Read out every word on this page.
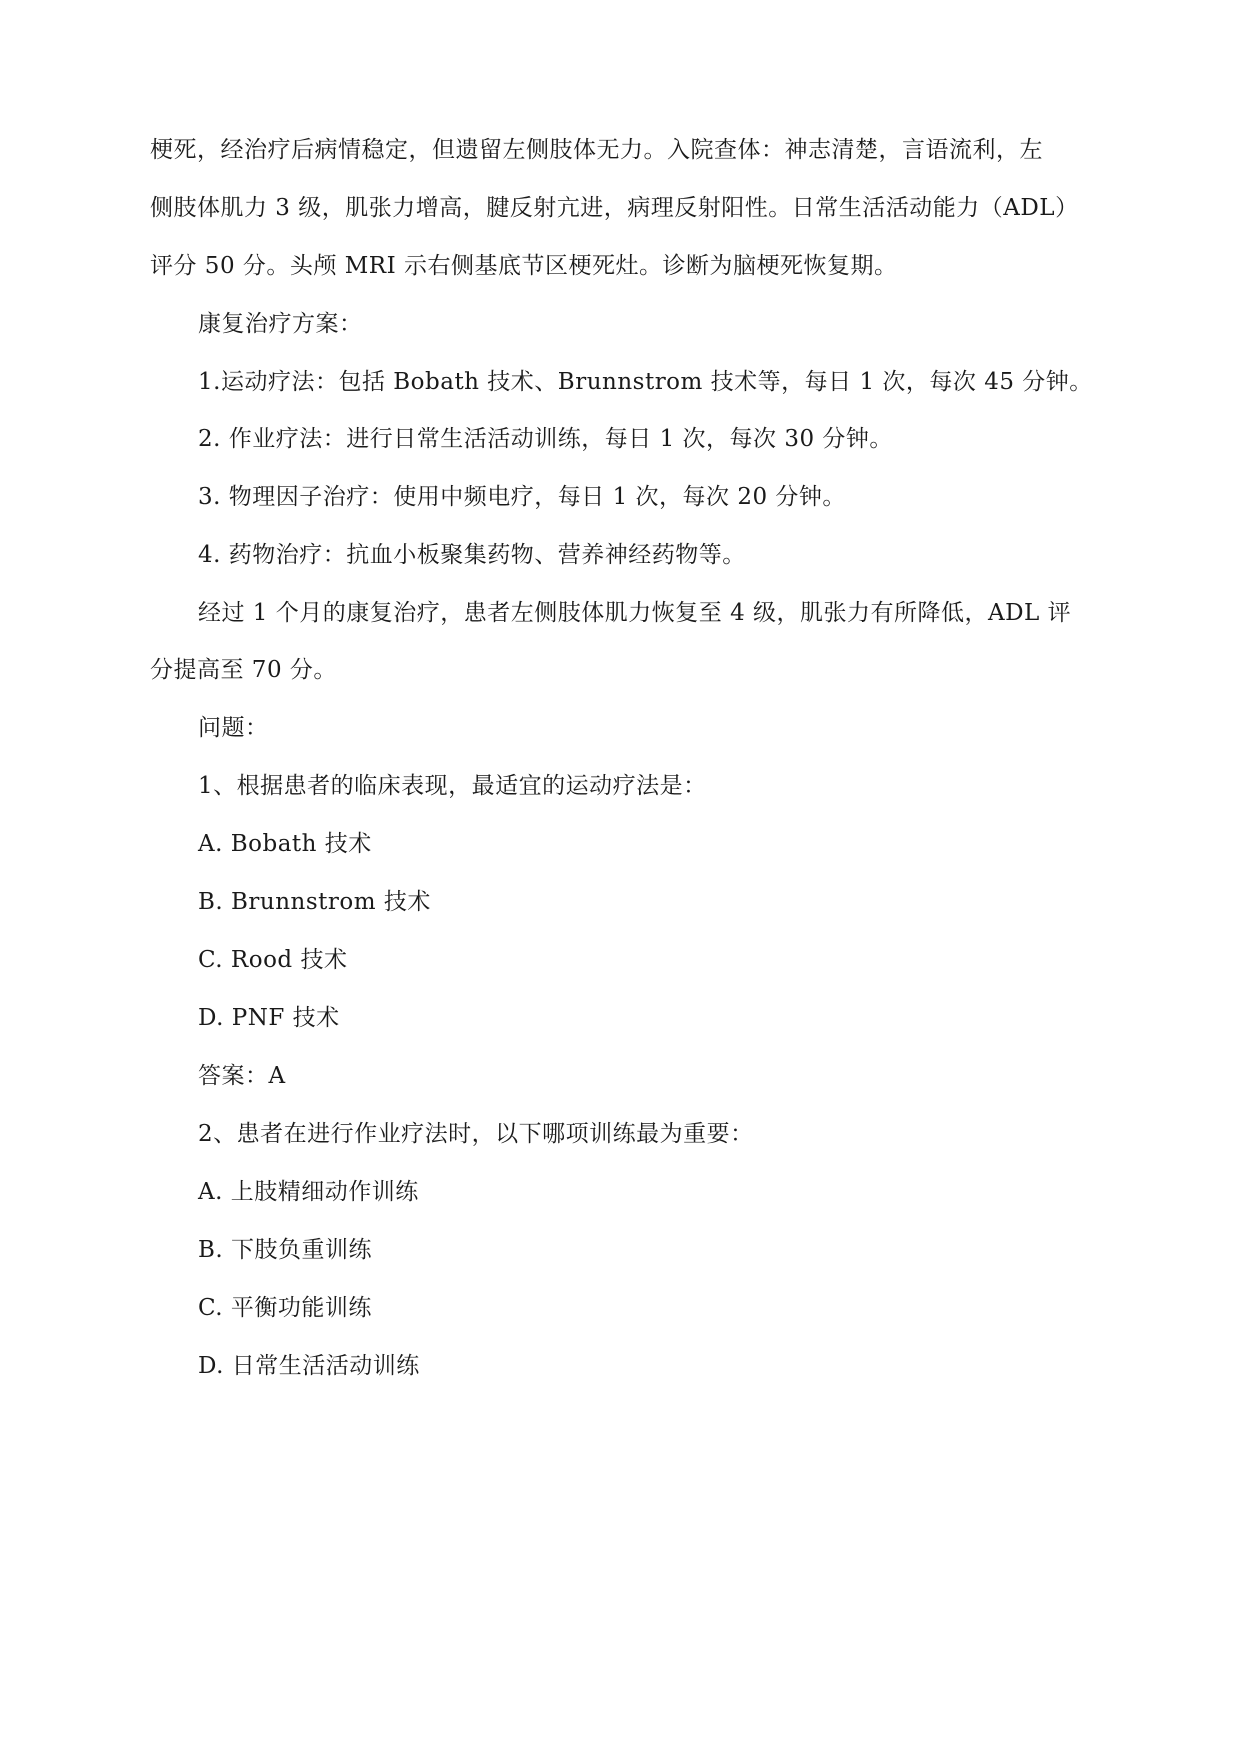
梗死，经治疗后病情稳定，但遗留左侧肢体无力。入院查体：神志清楚，言语流利，左
侧肢体肌力 3 级，肌张力增高，腱反射亢进，病理反射阳性。日常生活活动能力（ADL）
评分 50 分。头颅 MRI 示右侧基底节区梗死灶。诊断为脑梗死恢复期。
康复治疗方案：
1.运动疗法：包括 Bobath 技术、Brunnstrom 技术等，每日 1 次，每次 45 分钟。
2. 作业疗法：进行日常生活活动训练，每日 1 次，每次 30 分钟。
3. 物理因子治疗：使用中频电疗，每日 1 次，每次 20 分钟。
4. 药物治疗：抗血小板聚集药物、营养神经药物等。
经过 1 个月的康复治疗，患者左侧肢体肌力恢复至 4 级，肌张力有所降低，ADL 评
分提高至 70 分。
问题：
1、根据患者的临床表现，最适宜的运动疗法是：
A. Bobath 技术
B. Brunnstrom 技术
C. Rood 技术
D. PNF 技术
答案：A
2、患者在进行作业疗法时，以下哪项训练最为重要：
A. 上肢精细动作训练
B. 下肢负重训练
C. 平衡功能训练
D. 日常生活活动训练
